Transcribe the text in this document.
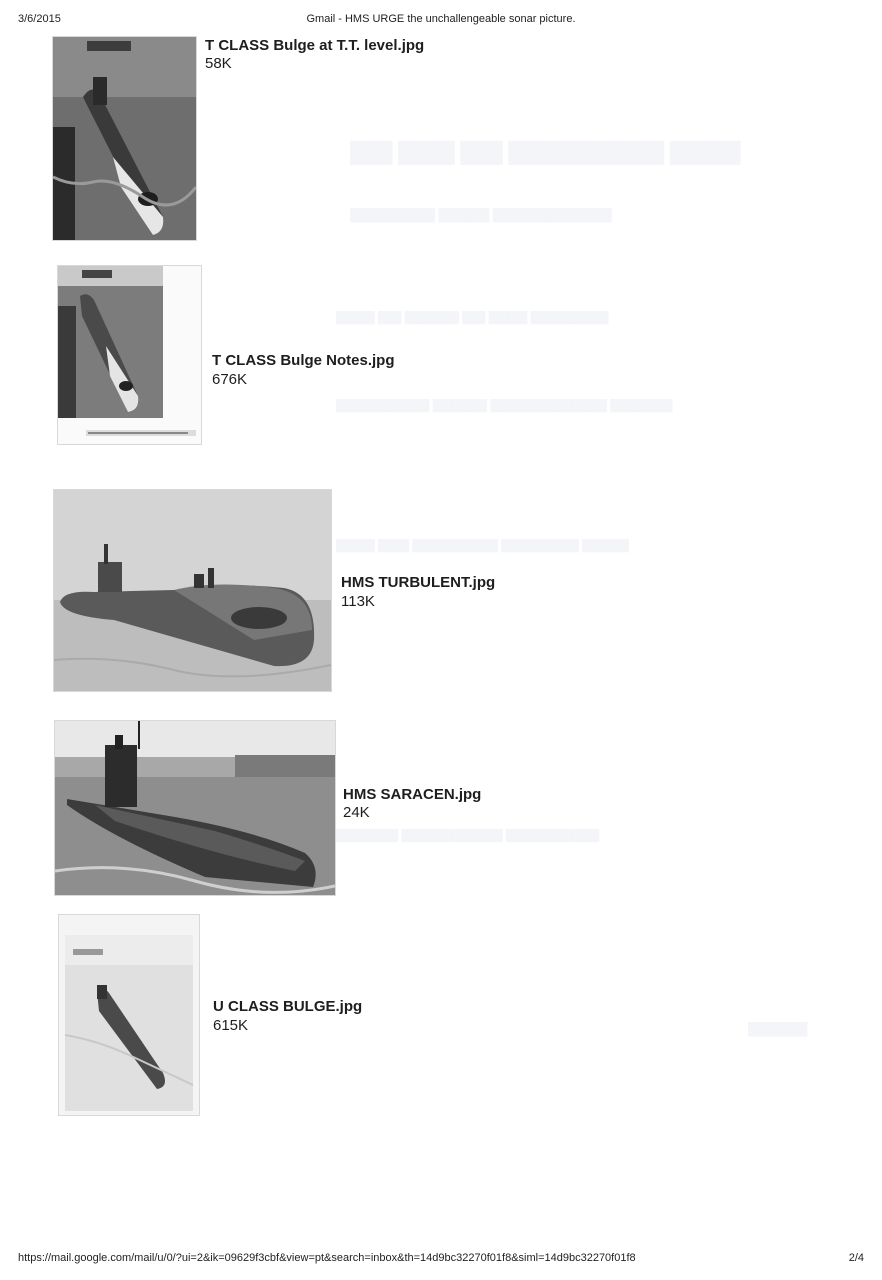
███ ████ ███ ███████████ █████
██████████ ██████ ██████████████
█████ ███ ███████ ███ █████ ██████████
████████████ ███████ ███████████████ ████████
█████ ████ ███████████ ██████████ ██████
████████ █████████████ ████████████
███████
3/6/2015	Gmail - HMS URGE the unchallengeable sonar picture.
T CLASS Bulge at T.T. level.jpg
58K
T CLASS Bulge Notes.jpg
676K
HMS TURBULENT.jpg
113K
HMS SARACEN.jpg
24K
U CLASS BULGE.jpg
615K
https://mail.google.com/mail/u/0/?ui=2&ik=09629f3cbf&view=pt&search=inbox&th=14d9bc32270f01f8&siml=14d9bc32270f01f8	2/4
